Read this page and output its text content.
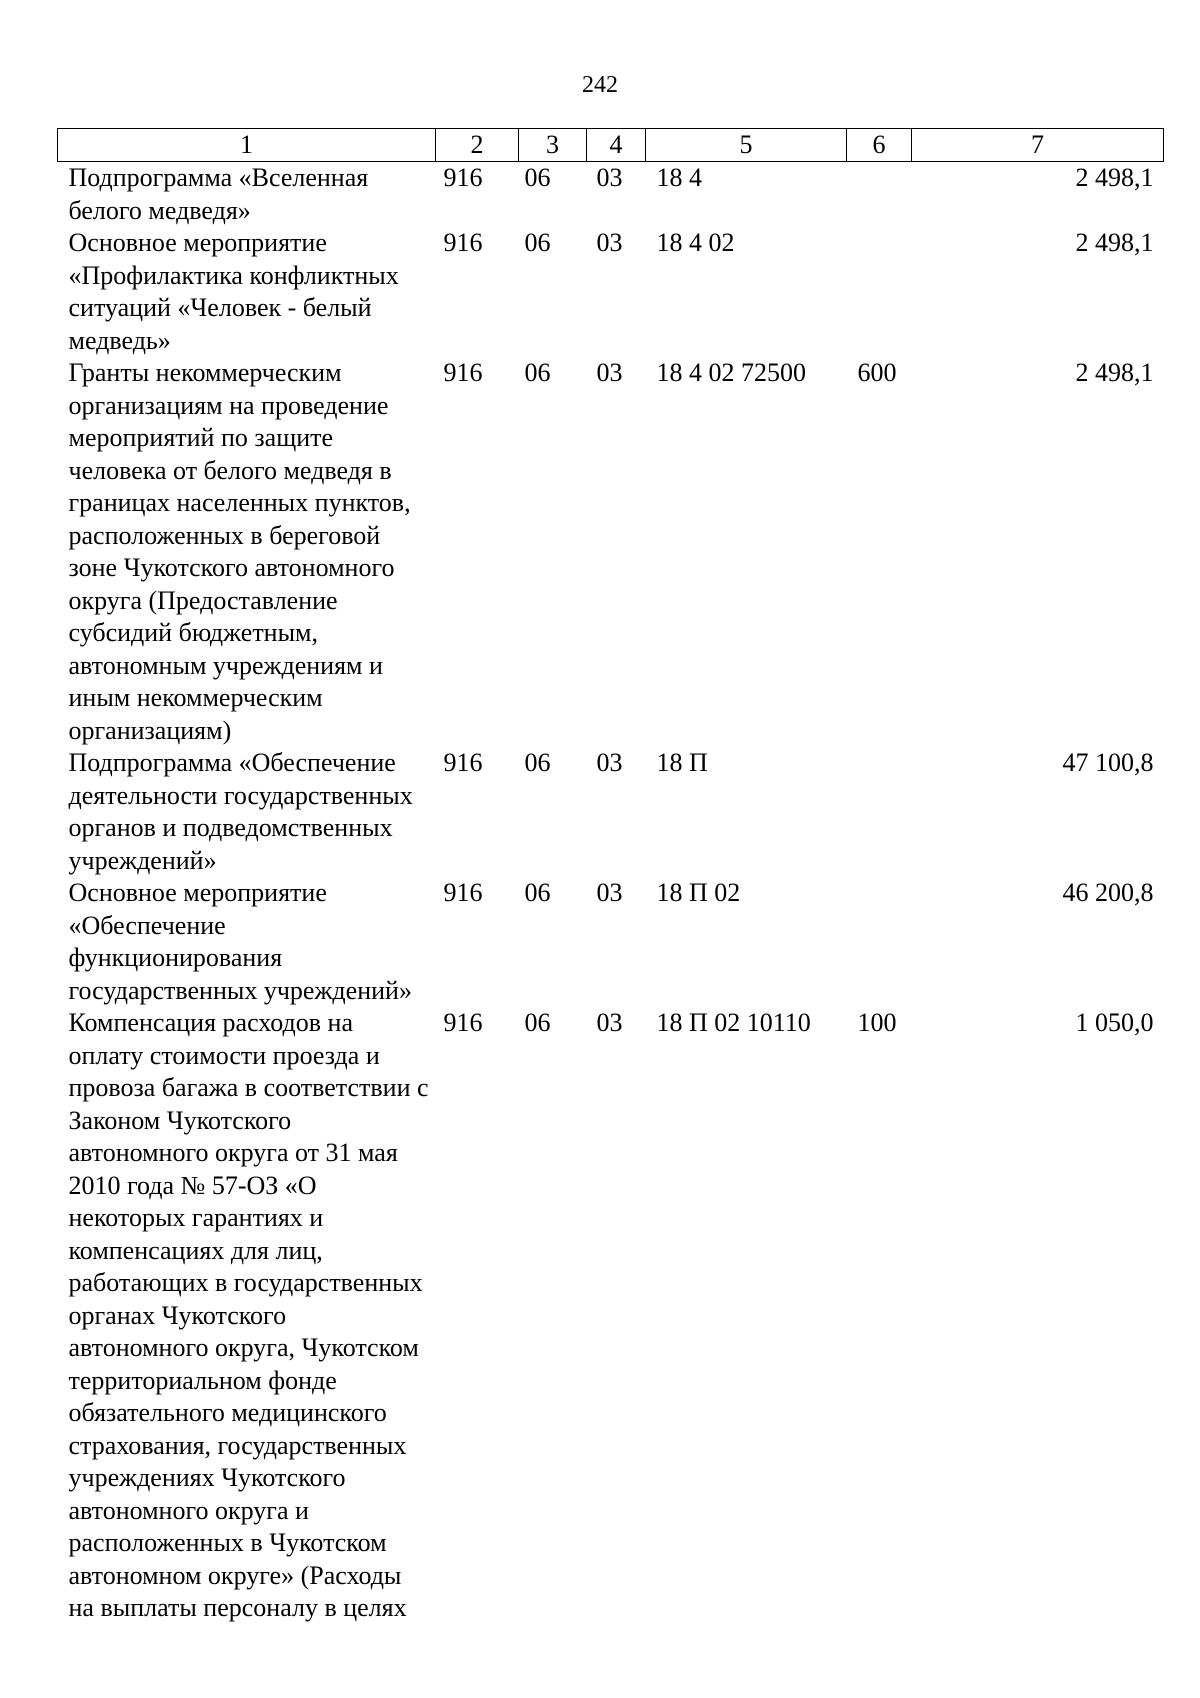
242
1	2	3	4	5	6	7
Подпрограмма «Вселенная белого медведя»	916	06	03	18 4		2 498,1
Основное мероприятие «Профилактика конфликтных ситуаций «Человек - белый медведь»	916	06	03	18 4 02		2 498,1
Гранты некоммерческим организациям на проведение мероприятий по защите человека от белого медведя в границах населенных пунктов, расположенных в береговой зоне Чукотского автономного округа (Предоставление субсидий бюджетным, автономным учреждениям и иным некоммерческим организациям)	916	06	03	18 4 02 72500	600	2 498,1
Подпрограмма «Обеспечение деятельности государственных органов и подведомственных учреждений»	916	06	03	18 П		47 100,8
Основное мероприятие «Обеспечение функционирования государственных учреждений»	916	06	03	18 П 02		46 200,8
Компенсация расходов на оплату стоимости проезда и провоза багажа в соответствии с Законом Чукотского автономного округа от 31 мая 2010 года № 57-ОЗ «О некоторых гарантиях и компенсациях для лиц, работающих в государственных органах Чукотского автономного округа, Чукотском территориальном фонде обязательного медицинского страхования, государственных учреждениях Чукотского автономного округа и расположенных в Чукотском автономном округе» (Расходы на выплаты персоналу в целях	916	06	03	18 П 02 10110	100	1 050,0
